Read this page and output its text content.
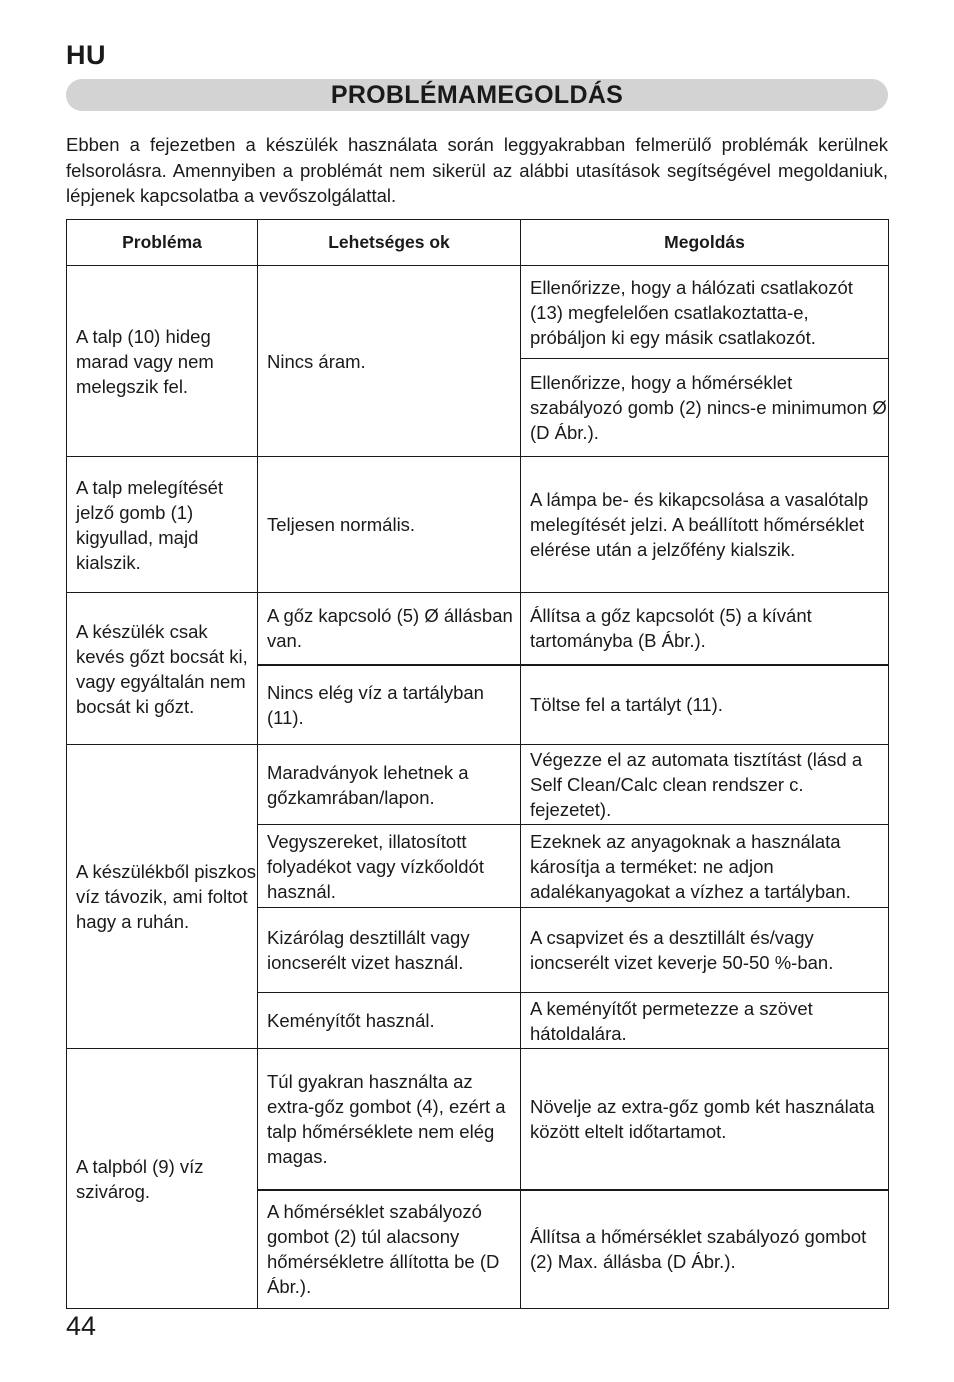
HU
PROBLÉMAMEGOLDÁS

Ebben a fejezetben a készülék használata során leggyakrabban felmerülő problémák kerülnek felsorolásra. Amennyiben a problémát nem sikerül az alábbi utasítások segítségével megoldaniuk, lépjenek kapcsolatba a vevőszolgálattal.

Probléma	Lehetséges ok	Megoldás
A talp (10) hideg marad vagy nem melegszik fel.	Nincs áram.	Ellenőrizze, hogy a hálózati csatlakozót (13) megfelelően csatlakoztatta-e, próbáljon ki egy másik csatlakozót.
		Ellenőrizze, hogy a hőmérséklet szabályozó gomb (2) nincs-e minimumon Ø (D Ábr.).
A talp melegítését jelző gomb (1) kigyullad, majd kialszik.	Teljesen normális.	A lámpa be- és kikapcsolása a vasalótalp melegítését jelzi. A beállított hőmérséklet elérése után a jelzőfény kialszik.
A készülék csak kevés gőzt bocsát ki, vagy egyáltalán nem bocsát ki gőzt.	A gőz kapcsoló (5) Ø állásban van.	Állítsa a gőz kapcsolót (5) a kívánt tartományba (B Ábr.).
	Nincs elég víz a tartályban (11).	Töltse fel a tartályt (11).
A készülékből piszkos víz távozik, ami foltot hagy a ruhán.	Maradványok lehetnek a gőzkamrában/lapon.	Végezze el az automata tisztítást (lásd a Self Clean/Calc clean rendszer c. fejezetet).
	Vegyszereket, illatosított folyadékot vagy vízkőoldót használ.	Ezeknek az anyagoknak a használata károsítja a terméket: ne adjon adalékanyagokat a vízhez a tartályban.
	Kizárólag desztillált vagy ioncserélt vizet használ.	A csapvizet és a desztillált és/vagy ioncserélt vizet keverje 50-50 %-ban.
	Keményítőt használ.	A keményítőt permetezze a szövet hátoldalára.
A talpból (9) víz szivárog.	Túl gyakran használta az extra-gőz gombot (4), ezért a talp hőmérséklete nem elég magas.	Növelje az extra-gőz gomb két használata között eltelt időtartamot.
	A hőmérséklet szabályozó gombot (2) túl alacsony hőmérsékletre állította be (D Ábr.).	Állítsa a hőmérséklet szabályozó gombot (2) Max. állásba (D Ábr.).
44
